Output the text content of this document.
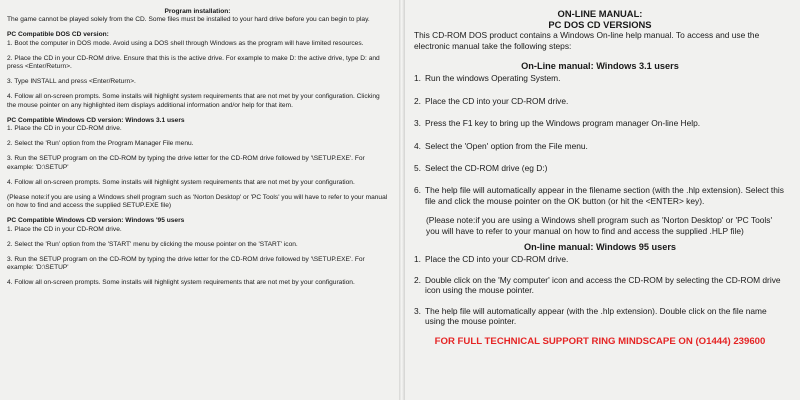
Program installation:

The game cannot be played solely from the CD. Some files must be installed to your hard drive before you can begin to play.

PC Compatible DOS CD version:

1. Boot the computer in DOS mode. Avoid using a DOS shell through Windows as the program will have limited resources.

2. Place the CD in your CD-ROM drive. Ensure that this is the active drive. For example to make D: the active drive, type D: and press <Enter/Return>.

3. Type INSTALL and press <Enter/Return>.

4. Follow all on-screen prompts. Some installs will highlight system requirements that are not met by your configuration. Clicking the mouse pointer on any highlighted item displays additional information and/or help for that item.

PC Compatible Windows CD version: Windows 3.1 users

1. Place the CD in your CD-ROM drive.

2. Select the 'Run' option from the Program Manager File menu.

3. Run the SETUP program on the CD-ROM by typing the drive letter for the CD-ROM drive followed by '\SETUP.EXE'. For example: 'D:\SETUP'

4. Follow all on-screen prompts. Some installs will highlight system requirements that are not met by your configuration.

(Please note:if you are using a Windows shell program such as 'Norton Desktop' or 'PC Tools' you will have to refer to your manual on how to find and access the supplied SETUP.EXE file)

PC Compatible Windows CD version: Windows '95 users

1. Place the CD in your CD-ROM drive.

2. Select the 'Run' option from the 'START' menu by clicking the mouse pointer on the 'START' icon.

3. Run the SETUP program on the CD-ROM by typing the drive letter for the CD-ROM drive followed by '\SETUP.EXE'. For example: 'D:\SETUP'

4. Follow all on-screen prompts. Some installs will highlight system requirements that are not met by your configuration.

ON-LINE MANUAL:
PC DOS CD VERSIONS

This CD-ROM DOS product contains a Windows On-line help manual. To access and use the electronic manual take the following steps:

On-Line manual: Windows 3.1 users
1. Run the windows Operating System.
2. Place the CD into your CD-ROM drive.
3. Press the F1 key to bring up the Windows program manager On-line Help.
4. Select the 'Open' option from the File menu.
5. Select the CD-ROM drive (eg D:)
6. The help file will automatically appear in the filename section (with the .hlp extension). Select this file and click the mouse pointer on the OK button (or hit the <ENTER> key).

(Please note:if you are using a Windows shell program such as 'Norton Desktop' or 'PC Tools' you will have to refer to your manual on how to find and access the supplied .HLP file)

On-line manual: Windows 95 users
1. Place the CD into your CD-ROM drive.
2. Double click on the 'My computer' icon and access the CD-ROM by selecting the CD-ROM drive icon using the mouse pointer.
3. The help file will automatically appear (with the .hlp extension). Double click on the file name using the mouse pointer.
FOR FULL TECHNICAL SUPPORT RING MINDSCAPE ON (O1444) 239600
